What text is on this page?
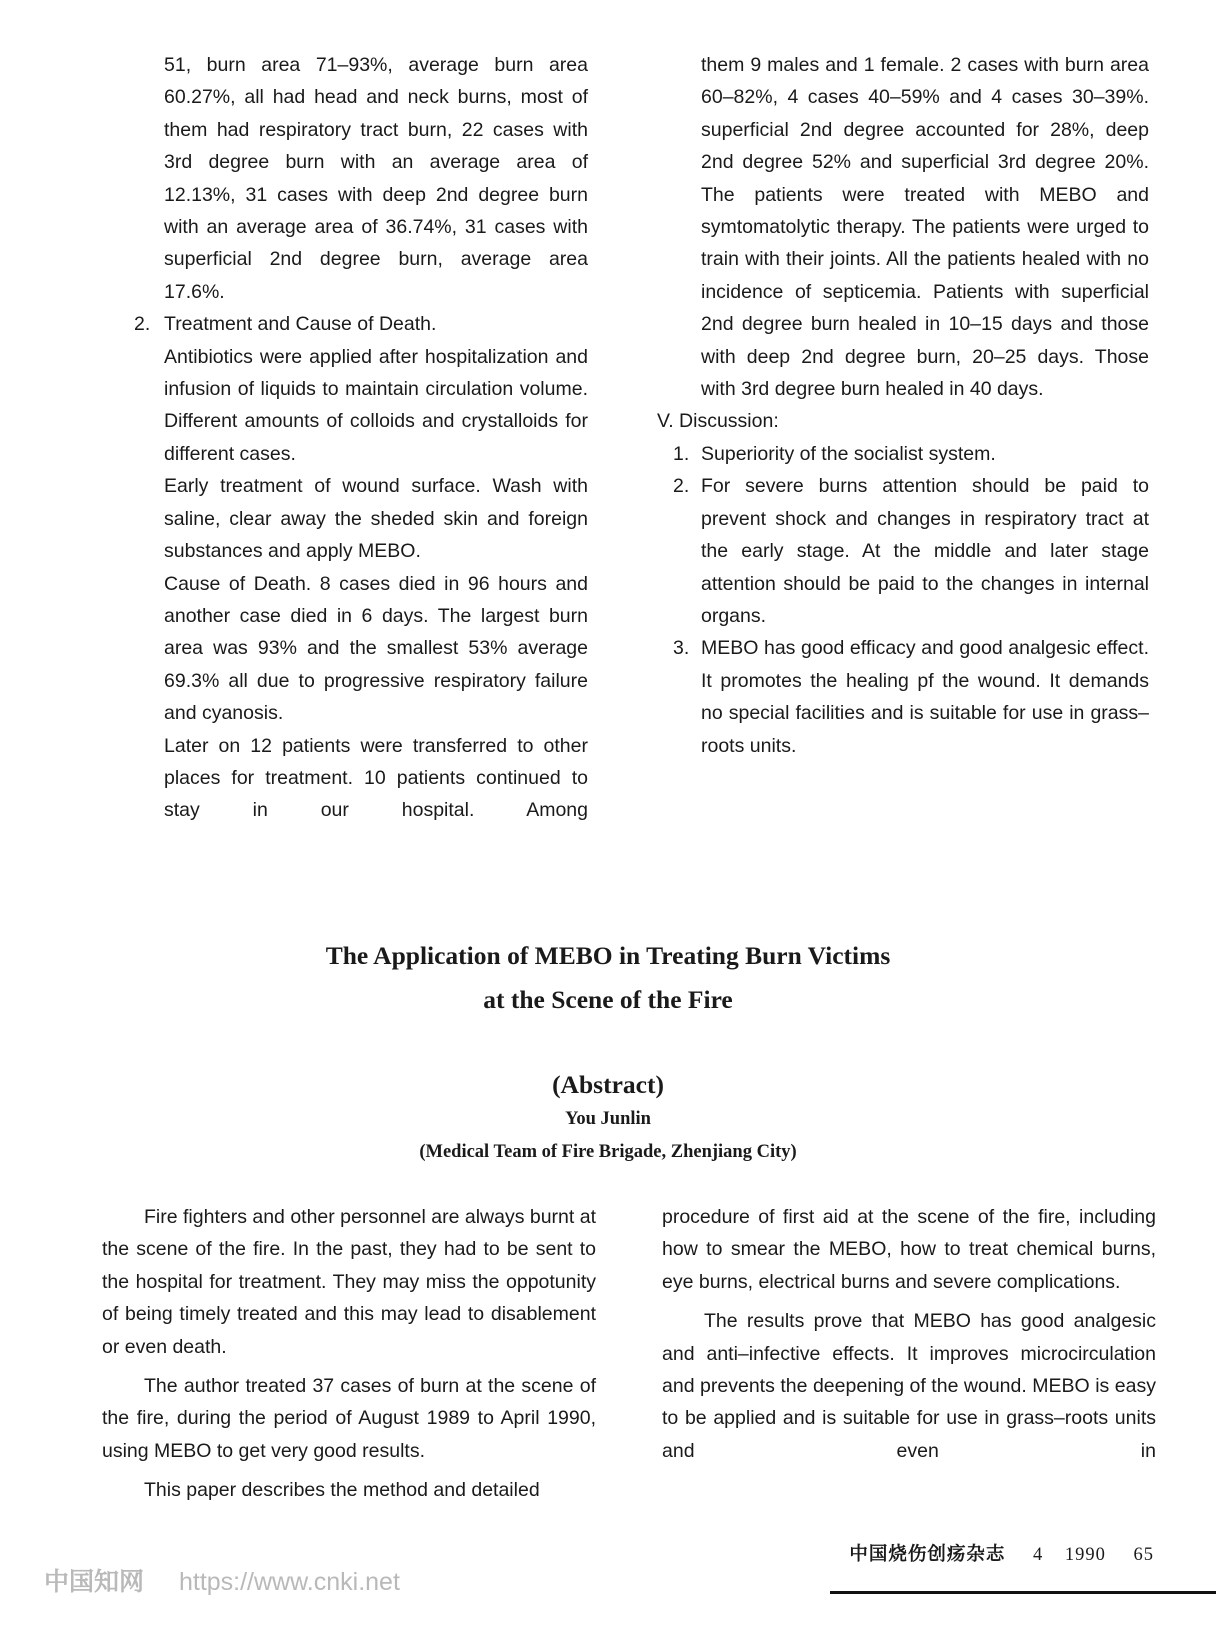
51, burn area 71–93%, average burn area 60.27%, all had head and neck burns, most of them had respiratory tract burn, 22 cases with 3rd degree burn with an average area of 12.13%, 31 cases with deep 2nd degree burn with an average area of 36.74%, 31 cases with superficial 2nd degree burn, average area 17.6%.

2. Treatment and Cause of Death.

Antibiotics were applied after hospitalization and infusion of liquids to maintain circulation volume. Different amounts of colloids and crystalloids for different cases.

Early treatment of wound surface. Wash with saline, clear away the sheded skin and foreign substances and apply MEBO.

Cause of Death. 8 cases died in 96 hours and another case died in 6 days. The largest burn area was 93% and the smallest 53% average 69.3% all due to progressive respiratory failure and cyanosis.

Later on 12 patients were transferred to other places for treatment. 10 patients continued to stay in our hospital. Among

them 9 males and 1 female. 2 cases with burn area 60–82%, 4 cases 40–59% and 4 cases 30–39%. superficial 2nd degree accounted for 28%, deep 2nd degree 52% and superficial 3rd degree 20%. The patients were treated with MEBO and symtomatolytic therapy. The patients were urged to train with their joints. All the patients healed with no incidence of septicemia. Patients with superficial 2nd degree burn healed in 10–15 days and those with deep 2nd degree burn, 20–25 days. Those with 3rd degree burn healed in 40 days.

V. Discussion:
1. Superiority of the socialist system.

2. For severe burns attention should be paid to prevent shock and changes in respiratory tract at the early stage. At the middle and later stage attention should be paid to the changes in internal organs.

3. MEBO has good efficacy and good analgesic effect. It promotes the healing pf the wound. It demands no special facilities and is suitable for use in grass–roots units.

The Application of MEBO in Treating Burn Victims
at the Scene of the Fire
(Abstract)
You Junlin
(Medical Team of Fire Brigade, Zhenjiang City)

Fire fighters and other personnel are always burnt at the scene of the fire. In the past, they had to be sent to the hospital for treatment. They may miss the oppotunity of being timely treated and this may lead to disablement or even death.

The author treated 37 cases of burn at the scene of the fire, during the period of August 1989 to April 1990, using MEBO to get very good results.

This paper describes the method and detailed

procedure of first aid at the scene of the fire, including how to smear the MEBO, how to treat chemical burns, eye burns, electrical burns and severe complications.

The results prove that MEBO has good analgesic and anti–infective effects. It improves microcirculation and prevents the deepening of the wound. MEBO is easy to be applied and is suitable for use in grass–roots units and even in

中国烧伤创疡杂志 4 1990 65
中国知网 https://www.cnki.net
